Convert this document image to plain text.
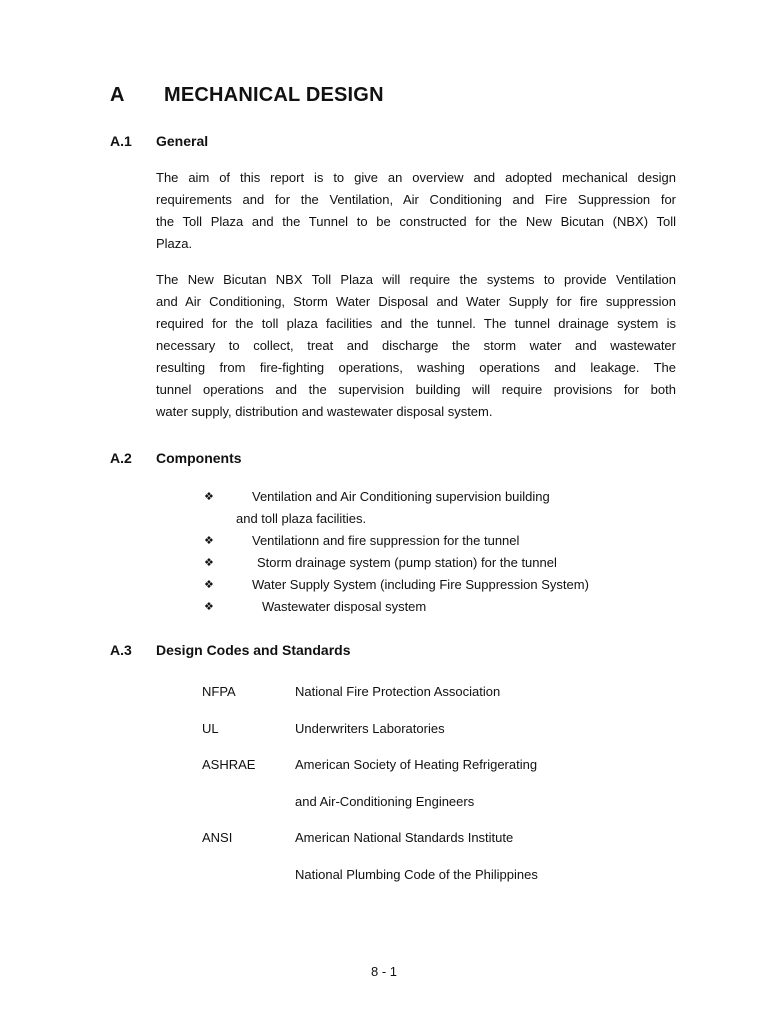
A MECHANICAL DESIGN
A.1 General
The aim of this report is to give an overview and adopted mechanical design
requirements and for the Ventilation, Air Conditioning and Fire Suppression for
the Toll Plaza and the Tunnel to be constructed for the New Bicutan (NBX) Toll
Plaza.
The New Bicutan NBX Toll Plaza will require the systems to provide Ventilation
and Air Conditioning, Storm Water Disposal and Water Supply for fire suppression
required for the toll plaza facilities and the tunnel. The tunnel drainage system is
necessary to collect, treat and discharge the storm water and wastewater
resulting from fire-fighting operations, washing operations and leakage. The
tunnel operations and the supervision building will require provisions for both
water supply, distribution and wastewater disposal system.
A.2 Components
❖	Ventilation and Air Conditioning supervision building
and toll plaza facilities.
❖	Ventilationn and fire suppression for the tunnel
❖	Storm drainage system (pump station) for the tunnel
❖	Water Supply System (including Fire Suppression System)
❖	Wastewater disposal system
A.3 Design Codes and Standards
NFPA	National Fire Protection Association
UL	Underwriters Laboratories
ASHRAE	American Society of Heating Refrigerating
and Air-Conditioning Engineers
ANSI	American National Standards Institute
National Plumbing Code of the Philippines
8 - 1
